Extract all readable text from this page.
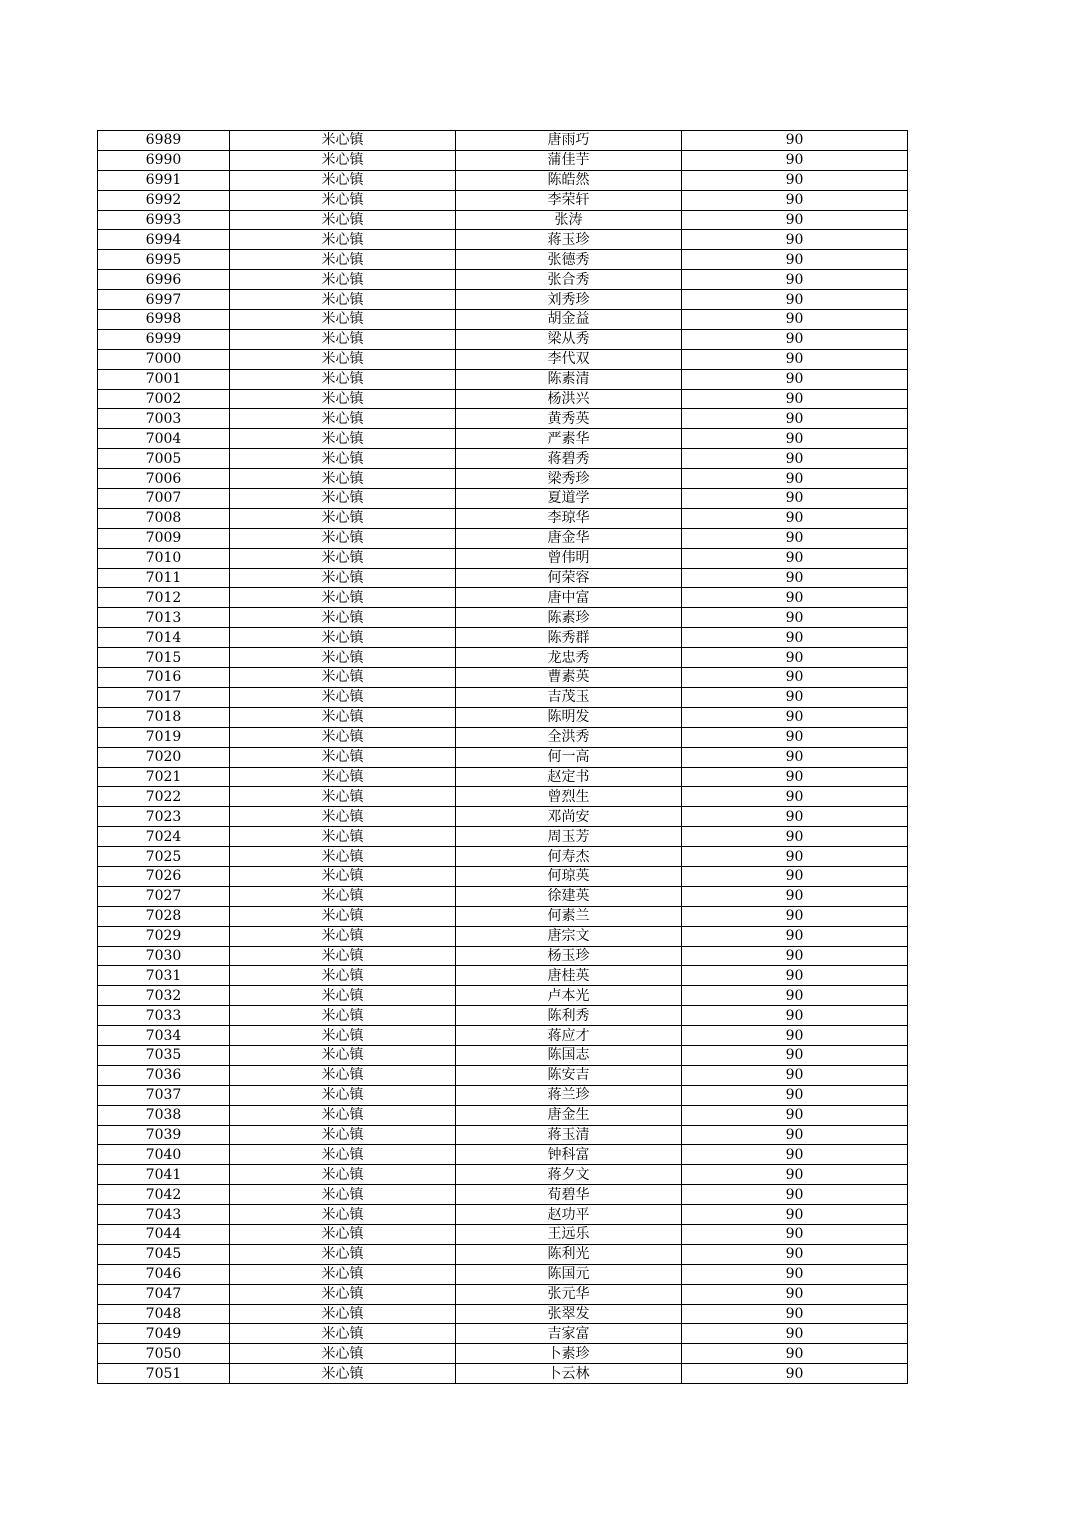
6989	米心镇	唐雨巧	90
6990	米心镇	蒲佳芋	90
6991	米心镇	陈皓然	90
6992	米心镇	李荣轩	90
6993	米心镇	张涛	90
6994	米心镇	蒋玉珍	90
6995	米心镇	张德秀	90
6996	米心镇	张合秀	90
6997	米心镇	刘秀珍	90
6998	米心镇	胡金益	90
6999	米心镇	梁从秀	90
7000	米心镇	李代双	90
7001	米心镇	陈素清	90
7002	米心镇	杨洪兴	90
7003	米心镇	黄秀英	90
7004	米心镇	严素华	90
7005	米心镇	蒋碧秀	90
7006	米心镇	梁秀珍	90
7007	米心镇	夏道学	90
7008	米心镇	李琼华	90
7009	米心镇	唐金华	90
7010	米心镇	曾伟明	90
7011	米心镇	何荣容	90
7012	米心镇	唐中富	90
7013	米心镇	陈素珍	90
7014	米心镇	陈秀群	90
7015	米心镇	龙忠秀	90
7016	米心镇	曹素英	90
7017	米心镇	吉茂玉	90
7018	米心镇	陈明发	90
7019	米心镇	全洪秀	90
7020	米心镇	何一高	90
7021	米心镇	赵定书	90
7022	米心镇	曾烈生	90
7023	米心镇	邓尚安	90
7024	米心镇	周玉芳	90
7025	米心镇	何寿杰	90
7026	米心镇	何琼英	90
7027	米心镇	徐建英	90
7028	米心镇	何素兰	90
7029	米心镇	唐宗文	90
7030	米心镇	杨玉珍	90
7031	米心镇	唐桂英	90
7032	米心镇	卢本光	90
7033	米心镇	陈利秀	90
7034	米心镇	蒋应才	90
7035	米心镇	陈国志	90
7036	米心镇	陈安吉	90
7037	米心镇	蒋兰珍	90
7038	米心镇	唐金生	90
7039	米心镇	蒋玉清	90
7040	米心镇	钟科富	90
7041	米心镇	蒋夕文	90
7042	米心镇	荀碧华	90
7043	米心镇	赵功平	90
7044	米心镇	王远乐	90
7045	米心镇	陈利光	90
7046	米心镇	陈国元	90
7047	米心镇	张元华	90
7048	米心镇	张翠发	90
7049	米心镇	吉家富	90
7050	米心镇	卜素珍	90
7051	米心镇	卜云林	90
